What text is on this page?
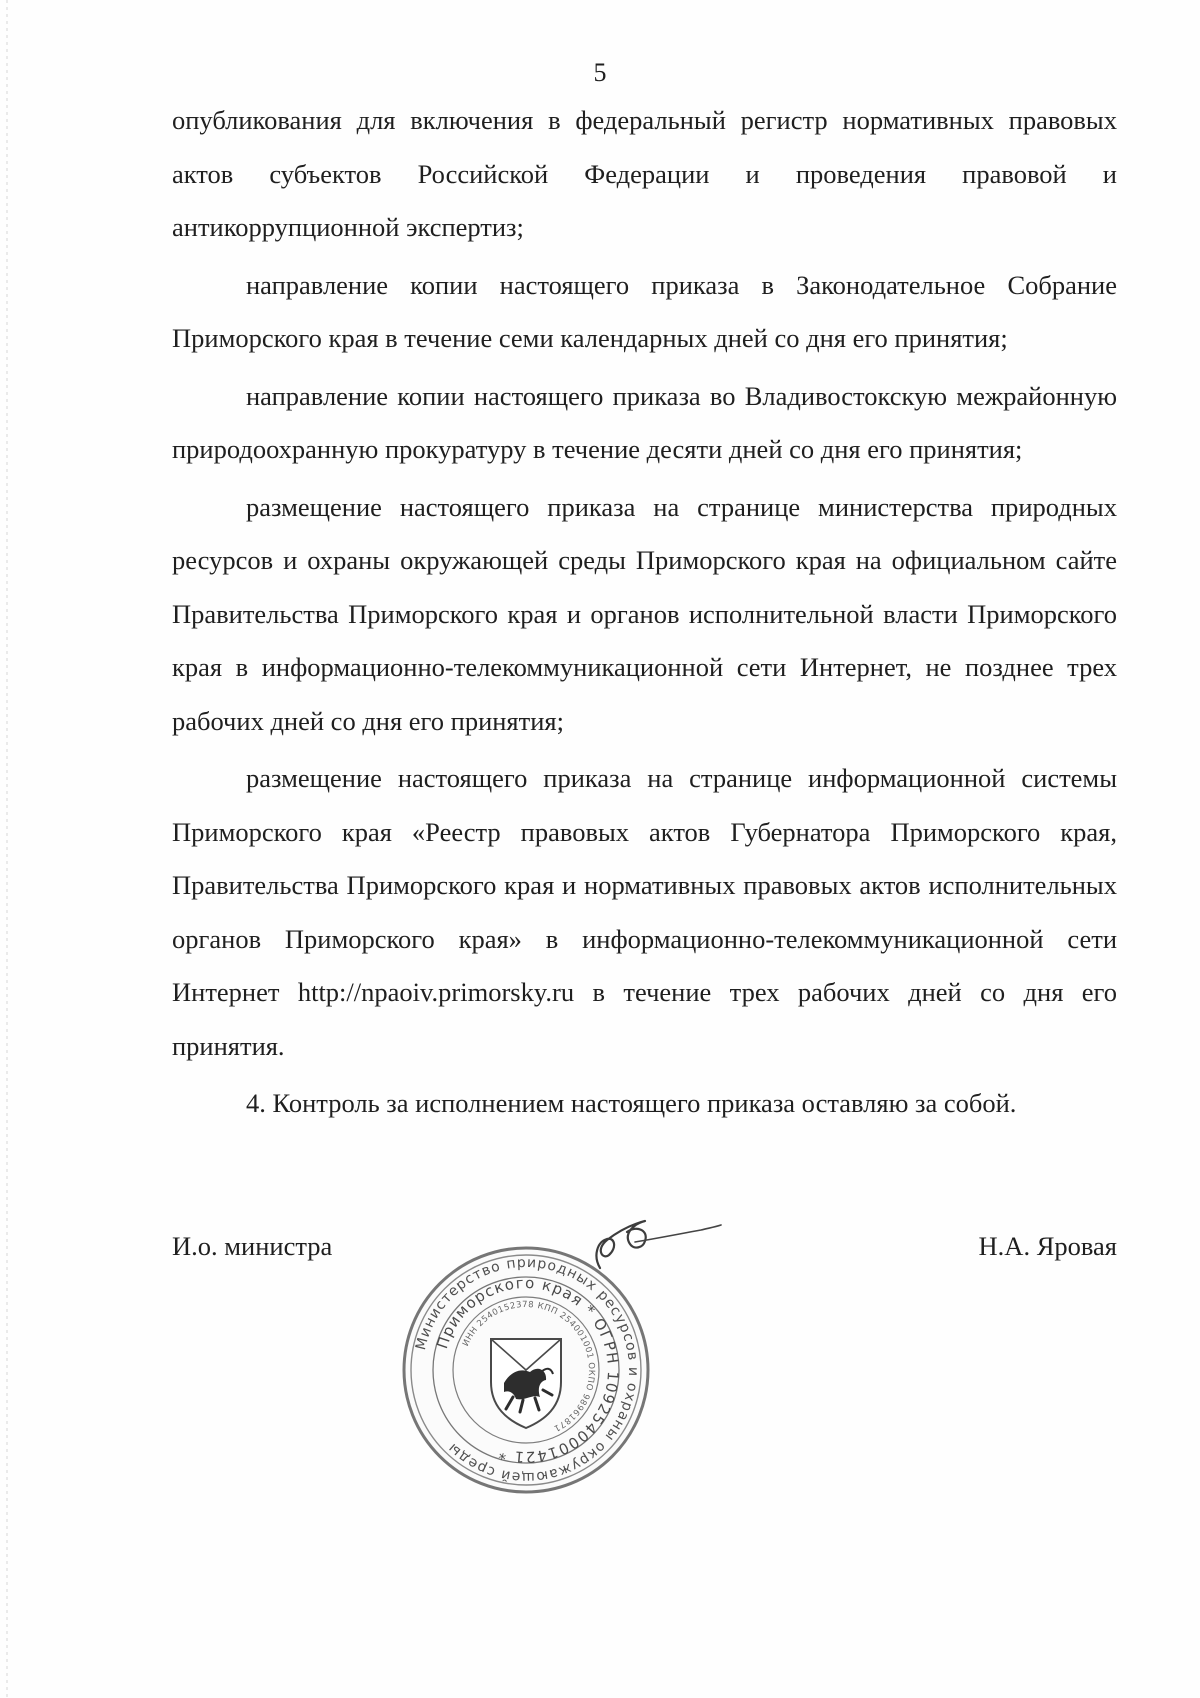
5

опубликования для включения в федеральный регистр нормативных правовых актов субъектов Российской Федерации и проведения правовой и антикоррупционной экспертиз;

направление копии настоящего приказа в Законодательное Собрание Приморского края в течение семи календарных дней со дня его принятия;

направление копии настоящего приказа во Владивостокскую межрайонную природоохранную прокуратуру в течение десяти дней со дня его принятия;

размещение настоящего приказа на странице министерства природных ресурсов и охраны окружающей среды Приморского края на официальном сайте Правительства Приморского края и органов исполнительной власти Приморского края в информационно-телекоммуникационной сети Интернет, не позднее трех рабочих дней со дня его принятия;

размещение настоящего приказа на странице информационной системы Приморского края «Реестр правовых актов Губернатора Приморского края, Правительства Приморского края и нормативных правовых актов исполнительных органов Приморского края» в информационно-телекоммуникационной сети Интернет http://npaoiv.primorsky.ru в течение трех рабочих дней со дня его принятия.

4. Контроль за исполнением настоящего приказа оставляю за собой.

И.о. министра	Н.А. Яровая
Министерство природных ресурсов и охраны окружающей среды
Приморского края * ОГРН 1092540001421 *
ИНН 2540152378 КПП 254001001 ОКПО 98961871
